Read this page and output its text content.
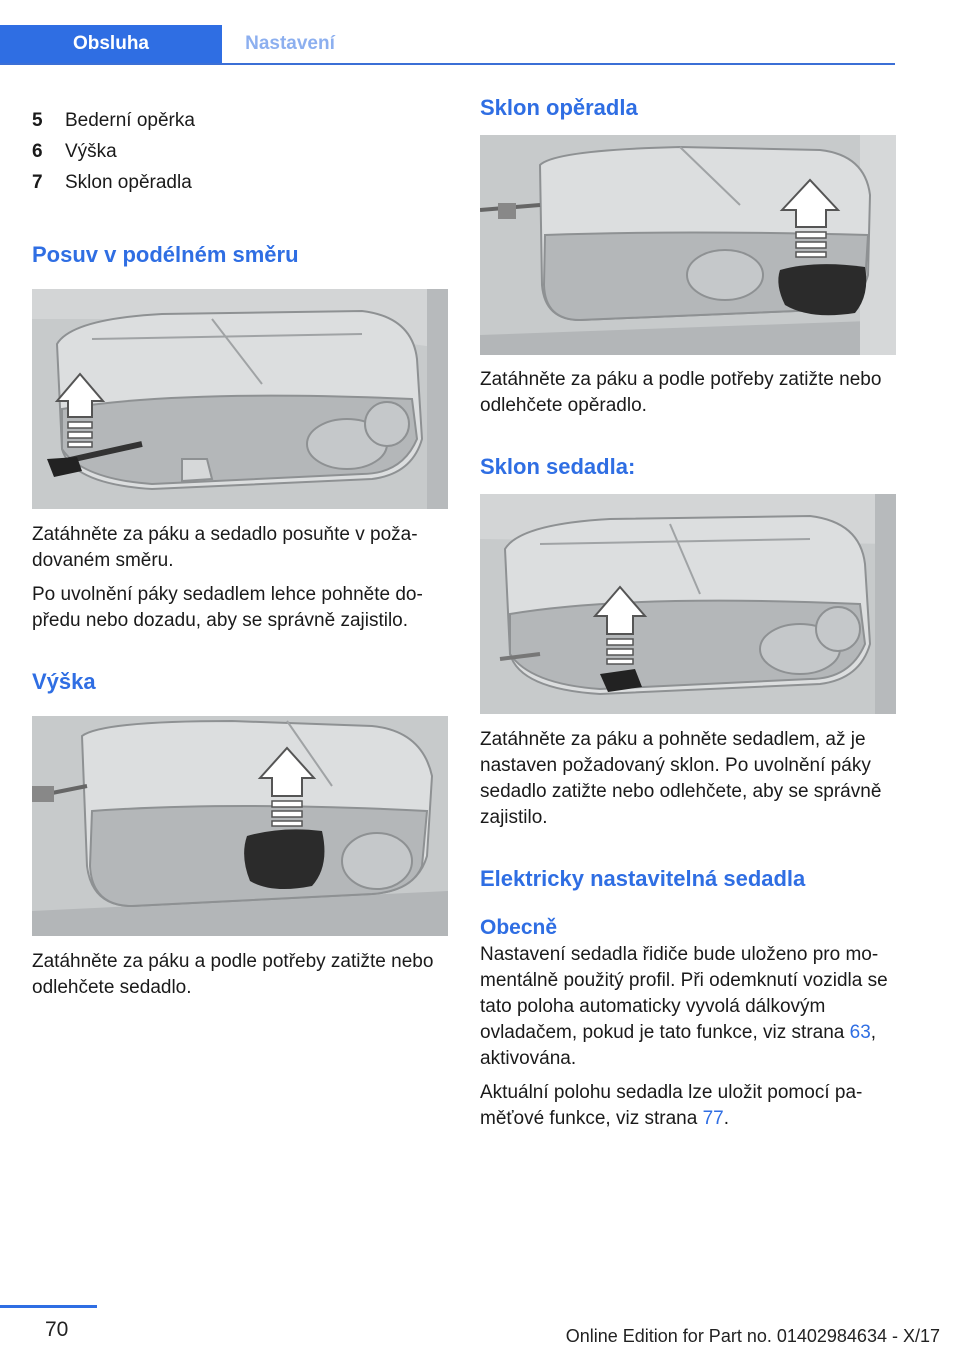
Obsluha	Nastavení
5	Bederní opěrka
6	Výška
7	Sklon opěradla
Posuv v podélném směru

Zatáhněte za páku a sedadlo posuňte v požadovaném směru.

Po uvolnění páky sedadlem lehce pohněte dopředu nebo dozadu, aby se správně zajistilo.

Výška

Zatáhněte za páku a podle potřeby zatižte nebo odlehčete sedadlo.

Sklon opěradla

Zatáhněte za páku a podle potřeby zatižte nebo odlehčete opěradlo.

Sklon sedadla:

Zatáhněte za páku a pohněte sedadlem, až je nastaven požadovaný sklon. Po uvolnění páky sedadlo zatižte nebo odlehčete, aby se správně zajistilo.

Elektricky nastavitelná sedadla
Obecně

Nastavení sedadla řidiče bude uloženo pro momentálně použitý profil. Při odemknutí vozidla se tato poloha automaticky vyvolá dálkovým ovladačem, pokud je tato funkce, viz strana 63, aktivována.

Aktuální polohu sedadla lze uložit pomocí paměťové funkce, viz strana 77.

70	Online Edition for Part no. 01402984634 - X/17
